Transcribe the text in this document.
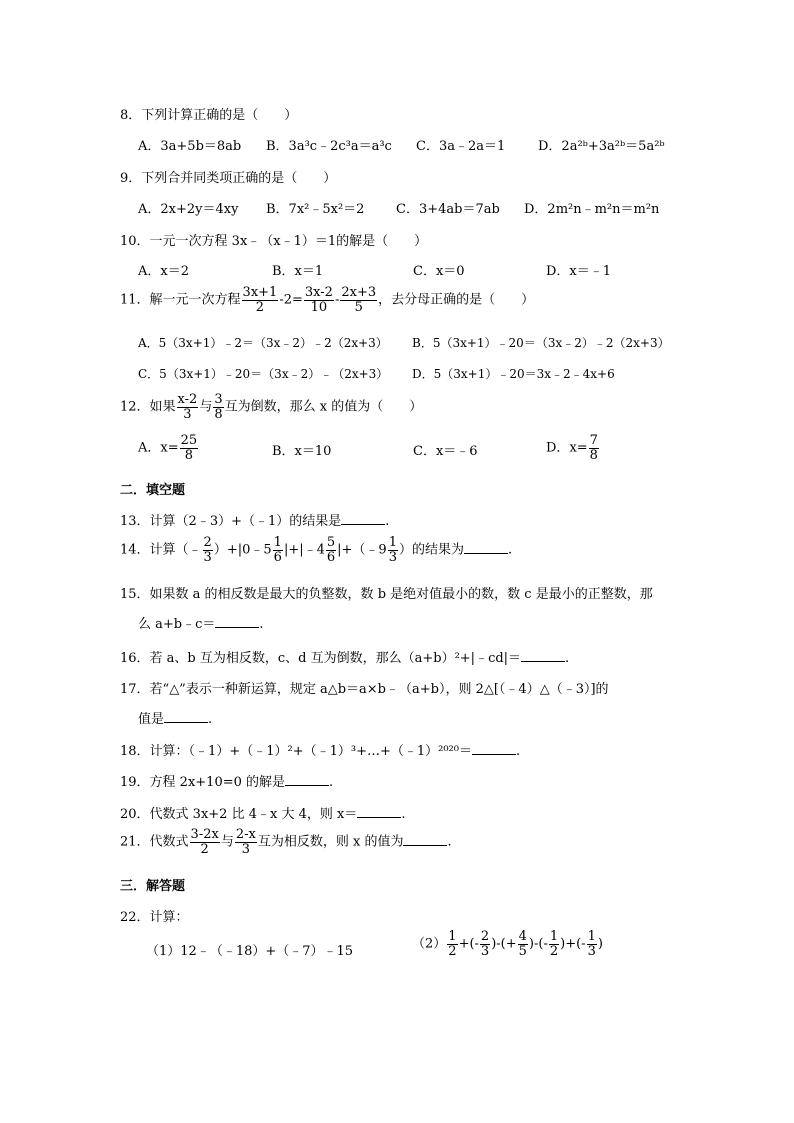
8．下列计算正确的是（　　）
A．3a+5b＝8ab B．3a³c﹣2c³a＝a³c C．3a﹣2a＝1	D．2a²ᵇ+3a²ᵇ＝5a²ᵇ
9．下列合并同类项正确的是（　　）
A．2x+2y＝4xy B．7x²﹣5x²＝2 C．3+4ab＝7ab D．2m²n﹣m²n＝m²n
10．一元一次方程 3x﹣（x﹣1）＝1的解是（　　）
A．x＝2	B．x＝1	C．x＝0	D．x＝﹣1
11．解一元一次方程 $\frac{3x+1}{2} -2= \frac{3x-2}{10} - \frac{2x+3}{5}$ ，去分母正确的是（　　）
A．5（3x+1）﹣2＝（3x﹣2）﹣2（2x+3） B．5（3x+1）﹣20＝（3x﹣2）﹣2（2x+3）
C．5（3x+1）﹣20＝（3x﹣2）﹣（2x+3） D．5（3x+1）﹣20＝3x﹣2﹣4x+6
12．如果 $\frac{x-2}{3}$ 与 $\frac{3}{8}$ 互为倒数，那么 x 的值为（　　）
A．$x= \frac{25}{8}$	B．x＝10	C．x＝﹣6	D．$x= \frac{7}{8}$
二．填空题
13．计算（2﹣3）+（﹣1）的结果是	.
14．计算（﹣ $\frac{2}{3}$ ）+|0﹣5 $\frac{1}{6}$ |+|﹣4 $\frac{5}{6}$ |+（﹣9 $\frac{1}{3}$ ）的结果为	.
15．如果数 a 的相反数是最大的负整数，数 b 是绝对值最小的数，数 c 是最小的正整数，那
么 a+b﹣c＝	.
16．若 a、b 互为相反数，c、d 互为倒数，那么（a+b）²+|﹣cd|＝	.
17．若“△”表示一种新运算，规定 a△b＝a×b﹣（a+b），则 2△[（﹣4）△（﹣3）]的
值是	.
18．计算：（﹣1）+（﹣1）²+（﹣1）³+…+（﹣1）²⁰²⁰＝	.
19．方程 2x+10=0 的解是	.
20．代数式 3x+2 比 4﹣x 大 4，则 x＝	.
21．代数式 $\frac{3-2x}{2}$ 与 $\frac{2-x}{3}$ 互为相反数，则 x 的值为	.
三．解答题
22．计算：
（1）12﹣（﹣18）+（﹣7）﹣15	$(2) \frac{1}{2}$ +(- $\frac{2}{3}$ )-(+ $\frac{4}{5}$ )-(- $\frac{1}{2}$ )+(- $\frac{1}{3}$ )
